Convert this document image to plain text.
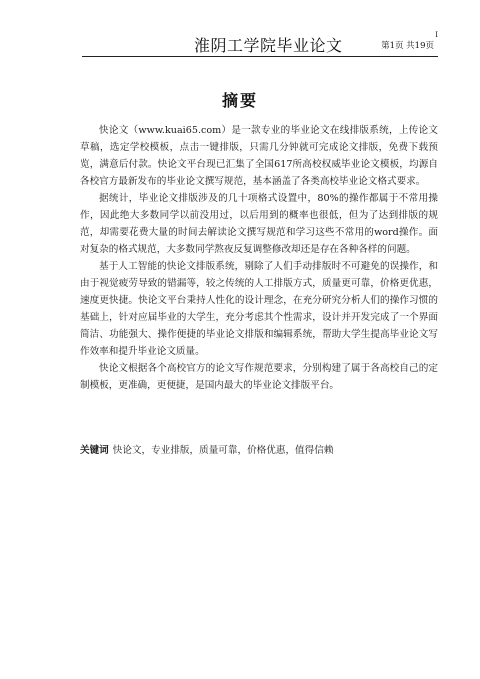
淮阴工学院毕业论文	第1页 共19页
I
摘要

快论文（www.kuai65.com）是一款专业的毕业论文在线排版系统，上传论文草稿，选定学校模板，点击一键排版，只需几分钟就可完成论文排版，免费下载预览，满意后付款。快论文平台现已汇集了全国617所高校权威毕业论文模板，均源自各校官方最新发布的毕业论文撰写规范，基本涵盖了各类高校毕业论文格式要求。

据统计，毕业论文排版涉及的几十项格式设置中，80%的操作都属于不常用操作，因此绝大多数同学以前没用过，以后用到的概率也很低，但为了达到排版的规范，却需要花费大量的时间去解读论文撰写规范和学习这些不常用的word操作。面对复杂的格式规范，大多数同学熬夜反复调整修改却还是存在各种各样的问题。

基于人工智能的快论文排版系统，剔除了人们手动排版时不可避免的误操作，和由于视觉疲劳导致的错漏等，较之传统的人工排版方式，质量更可靠，价格更优惠，速度更快捷。快论文平台秉持人性化的设计理念，在充分研究分析人们的操作习惯的基础上，针对应届毕业的大学生，充分考虑其个性需求，设计并开发完成了一个界面简洁、功能强大、操作便捷的毕业论文排版和编辑系统，帮助大学生提高毕业论文写作效率和提升毕业论文质量。

快论文根据各个高校官方的论文写作规范要求，分别构建了属于各高校自己的定制模板，更准确，更便捷，是国内最大的毕业论文排版平台。

关键词 快论文，专业排版，质量可靠，价格优惠，值得信赖
